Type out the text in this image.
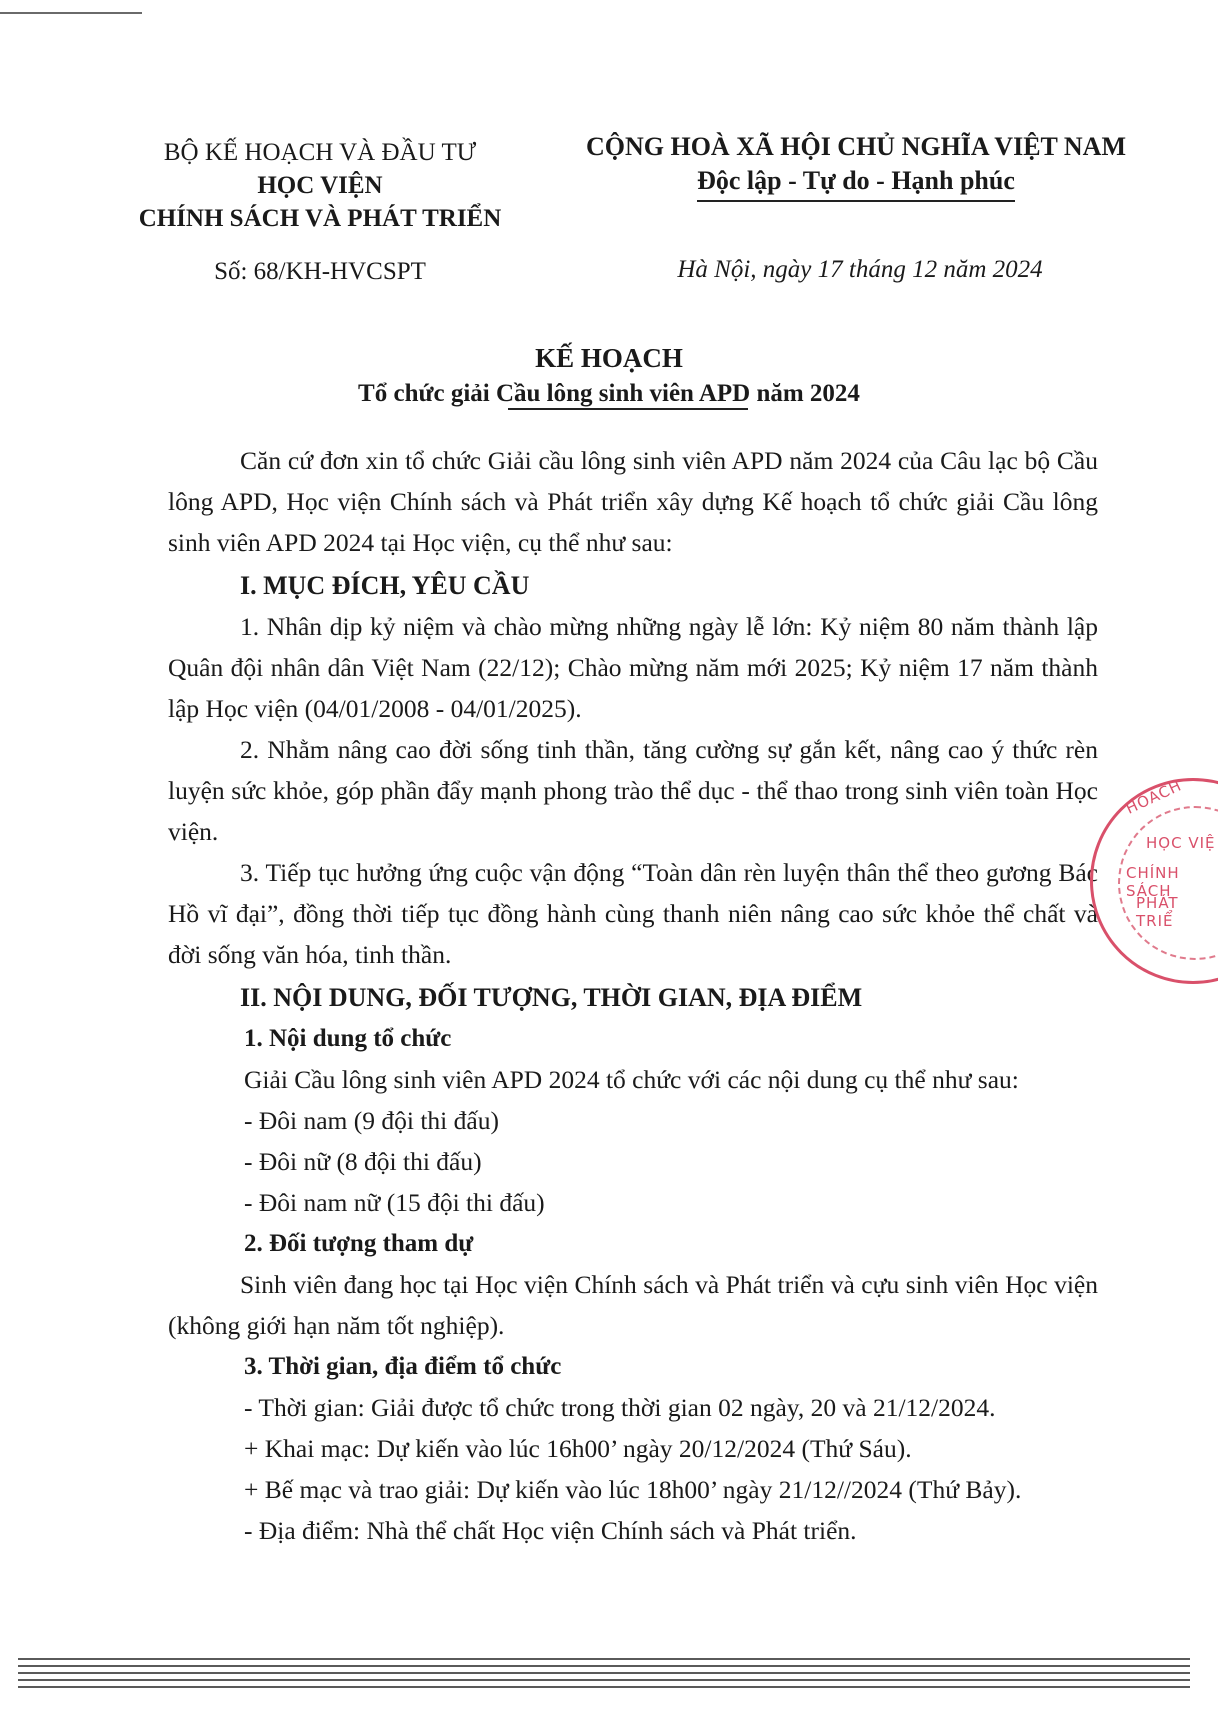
BỘ KẾ HOẠCH VÀ ĐẦU TƯ
HỌC VIỆN
CHÍNH SÁCH VÀ PHÁT TRIỂN
CỘNG HOÀ XÃ HỘI CHỦ NGHĨA VIỆT NAM
Độc lập - Tự do - Hạnh phúc
Số: 68/KH-HVCSPT	Hà Nội, ngày 17 tháng 12 năm 2024
KẾ HOẠCH
Tổ chức giải Cầu lông sinh viên APD năm 2024

Căn cứ đơn xin tổ chức Giải cầu lông sinh viên APD năm 2024 của Câu lạc bộ Cầu lông APD, Học viện Chính sách và Phát triển xây dựng Kế hoạch tổ chức giải Cầu lông sinh viên APD 2024 tại Học viện, cụ thể như sau:

I. MỤC ĐÍCH, YÊU CẦU

1. Nhân dịp kỷ niệm và chào mừng những ngày lễ lớn: Kỷ niệm 80 năm thành lập Quân đội nhân dân Việt Nam (22/12); Chào mừng năm mới 2025; Kỷ niệm 17 năm thành lập Học viện (04/01/2008 - 04/01/2025).

2. Nhằm nâng cao đời sống tinh thần, tăng cường sự gắn kết, nâng cao ý thức rèn luyện sức khỏe, góp phần đẩy mạnh phong trào thể dục - thể thao trong sinh viên toàn Học viện.

3. Tiếp tục hưởng ứng cuộc vận động “Toàn dân rèn luyện thân thể theo gương Bác Hồ vĩ đại”, đồng thời tiếp tục đồng hành cùng thanh niên nâng cao sức khỏe thể chất và đời sống văn hóa, tinh thần.

II. NỘI DUNG, ĐỐI TƯỢNG, THỜI GIAN, ĐỊA ĐIỂM

1. Nội dung tổ chức

Giải Cầu lông sinh viên APD 2024 tổ chức với các nội dung cụ thể như sau:

- Đôi nam (9 đội thi đấu)

- Đôi nữ (8 đội thi đấu)

- Đôi nam nữ (15 đội thi đấu)

2. Đối tượng tham dự

Sinh viên đang học tại Học viện Chính sách và Phát triển và cựu sinh viên Học viện (không giới hạn năm tốt nghiệp).

3. Thời gian, địa điểm tổ chức

- Thời gian: Giải được tổ chức trong thời gian 02 ngày, 20 và 21/12/2024.

+ Khai mạc: Dự kiến vào lúc 16h00’ ngày 20/12/2024 (Thứ Sáu).

+ Bế mạc và trao giải: Dự kiến vào lúc 18h00’ ngày 21/12//2024 (Thứ Bảy).

- Địa điểm: Nhà thể chất Học viện Chính sách và Phát triển.

HOACH
HỌC VIỆ
CHÍNH SÁCH
PHÁT TRIỂ
